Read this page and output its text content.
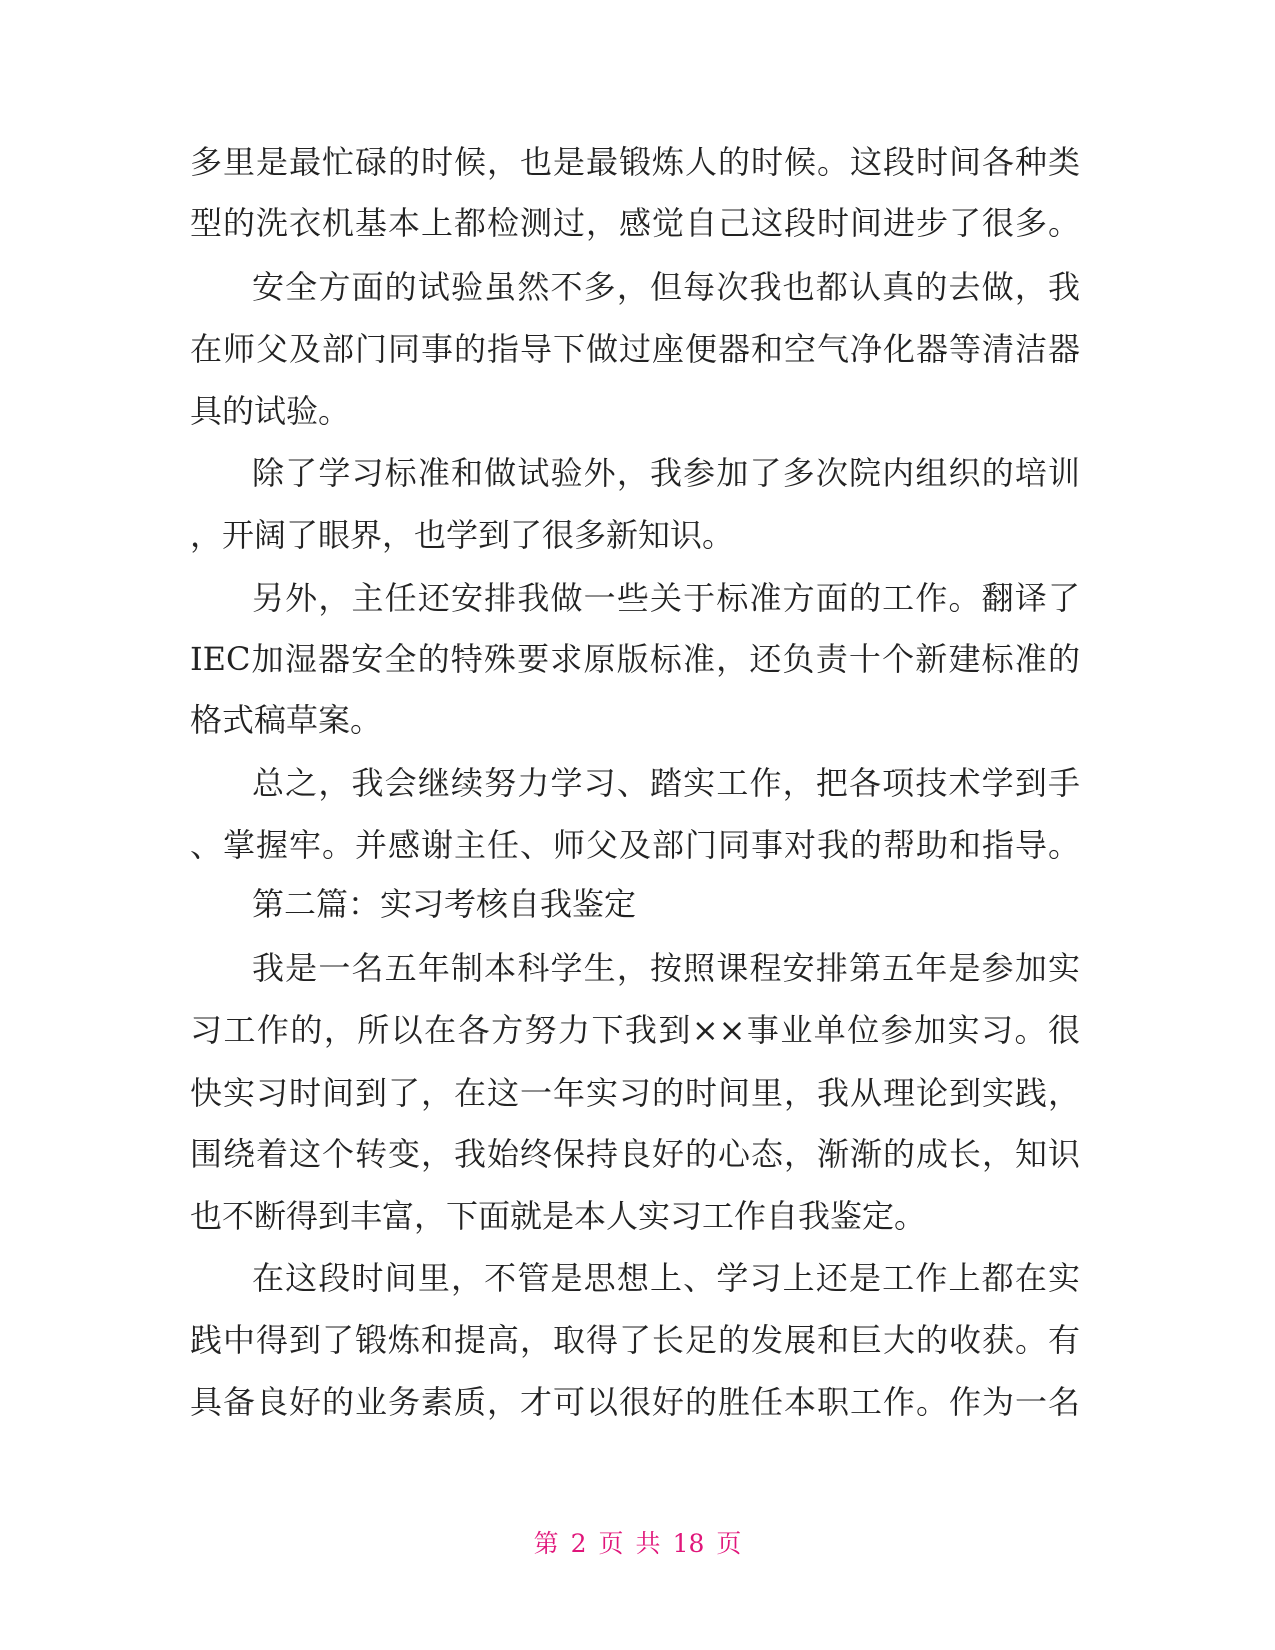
多里是最忙碌的时候，也是最锻炼人的时候。这段时间各种类
型的洗衣机基本上都检测过，感觉自己这段时间进步了很多。
安全方面的试验虽然不多，但每次我也都认真的去做，我
在师父及部门同事的指导下做过座便器和空气净化器等清洁器
具的试验。
除了学习标准和做试验外，我参加了多次院内组织的培训
，开阔了眼界，也学到了很多新知识。
另外，主任还安排我做一些关于标准方面的工作。翻译了
IEC加湿器安全的特殊要求原版标准，还负责十个新建标准的
格式稿草案。
总之，我会继续努力学习、踏实工作，把各项技术学到手
、掌握牢。并感谢主任、师父及部门同事对我的帮助和指导。
第二篇：实习考核自我鉴定
我是一名五年制本科学生，按照课程安排第五年是参加实
习工作的，所以在各方努力下我到××事业单位参加实习。很
快实习时间到了，在这一年实习的时间里，我从理论到实践，
围绕着这个转变，我始终保持良好的心态，渐渐的成长，知识
也不断得到丰富，下面就是本人实习工作自我鉴定。
在这段时间里，不管是思想上、学习上还是工作上都在实
践中得到了锻炼和提高，取得了长足的发展和巨大的收获。有
具备良好的业务素质，才可以很好的胜任本职工作。作为一名
第 2 页 共 18 页
